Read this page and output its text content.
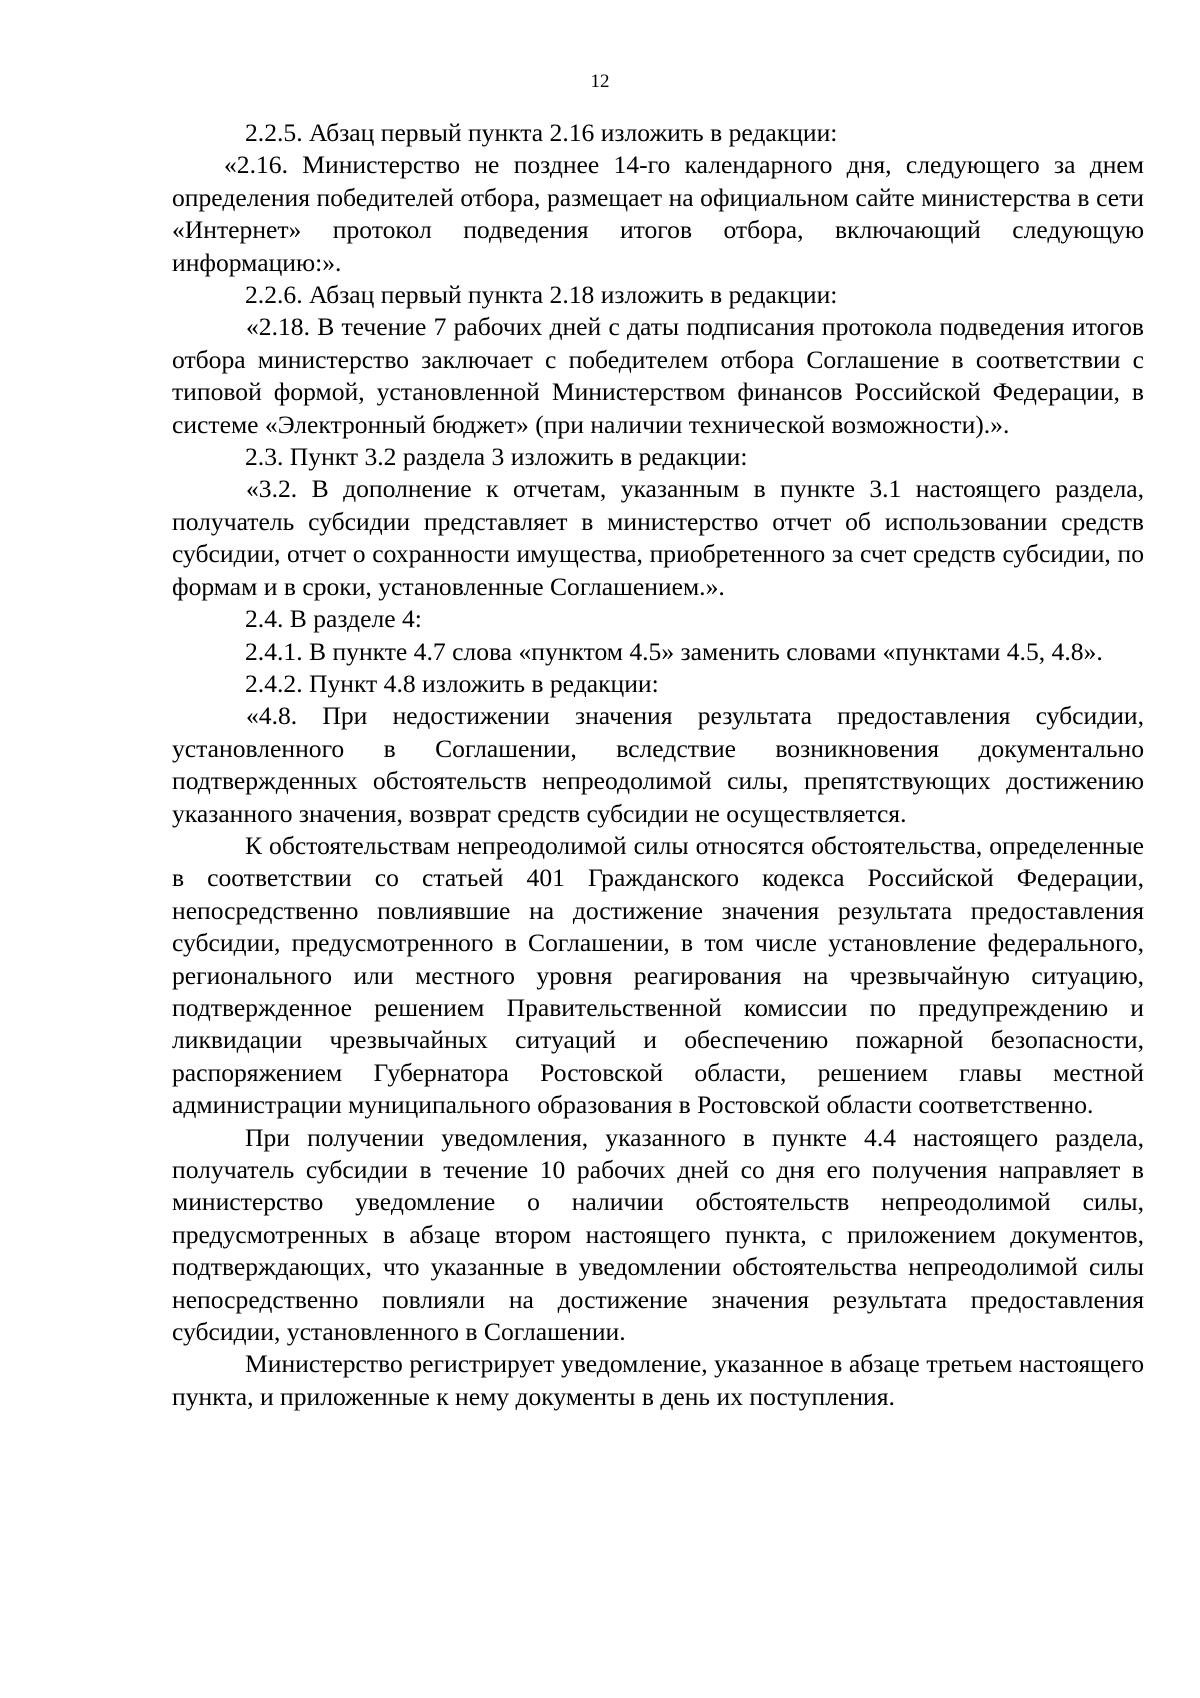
12

2.2.5. Абзац первый пункта 2.16 изложить в редакции:

«2.16. Министерство не позднее 14-го календарного дня, следующего за днем определения победителей отбора, размещает на официальном сайте министерства в сети «Интернет» протокол подведения итогов отбора, включающий следующую информацию:».

2.2.6. Абзац первый пункта 2.18 изложить в редакции:

«2.18. В течение 7 рабочих дней с даты подписания протокола подведения итогов отбора министерство заключает с победителем отбора Соглашение в соответствии с типовой формой, установленной Министерством финансов Российской Федерации, в системе «Электронный бюджет» (при наличии технической возможности).».

2.3. Пункт 3.2 раздела 3 изложить в редакции:

«3.2. В дополнение к отчетам, указанным в пункте 3.1 настоящего раздела, получатель субсидии представляет в министерство отчет об использовании средств субсидии, отчет о сохранности имущества, приобретенного за счет средств субсидии, по формам и в сроки, установленные Соглашением.».

2.4. В разделе 4:

2.4.1. В пункте 4.7 слова «пунктом 4.5» заменить словами «пунктами 4.5, 4.8».

2.4.2. Пункт 4.8 изложить в редакции:

«4.8. При недостижении значения результата предоставления субсидии, установленного в Соглашении, вследствие возникновения документально подтвержденных обстоятельств непреодолимой силы, препятствующих достижению указанного значения, возврат средств субсидии не осуществляется.

К обстоятельствам непреодолимой силы относятся обстоятельства, определенные в соответствии со статьей 401 Гражданского кодекса Российской Федерации, непосредственно повлиявшие на достижение значения результата предоставления субсидии, предусмотренного в Соглашении, в том числе установление федерального, регионального или местного уровня реагирования на чрезвычайную ситуацию, подтвержденное решением Правительственной комиссии по предупреждению и ликвидации чрезвычайных ситуаций и обеспечению пожарной безопасности, распоряжением Губернатора Ростовской области, решением главы местной администрации муниципального образования в Ростовской области соответственно.

При получении уведомления, указанного в пункте 4.4 настоящего раздела, получатель субсидии в течение 10 рабочих дней со дня его получения направляет в министерство уведомление о наличии обстоятельств непреодолимой силы, предусмотренных в абзаце втором настоящего пункта, с приложением документов, подтверждающих, что указанные в уведомлении обстоятельства непреодолимой силы непосредственно повлияли на достижение значения результата предоставления субсидии, установленного в Соглашении.

Министерство регистрирует уведомление, указанное в абзаце третьем настоящего пункта, и приложенные к нему документы в день их поступления.
